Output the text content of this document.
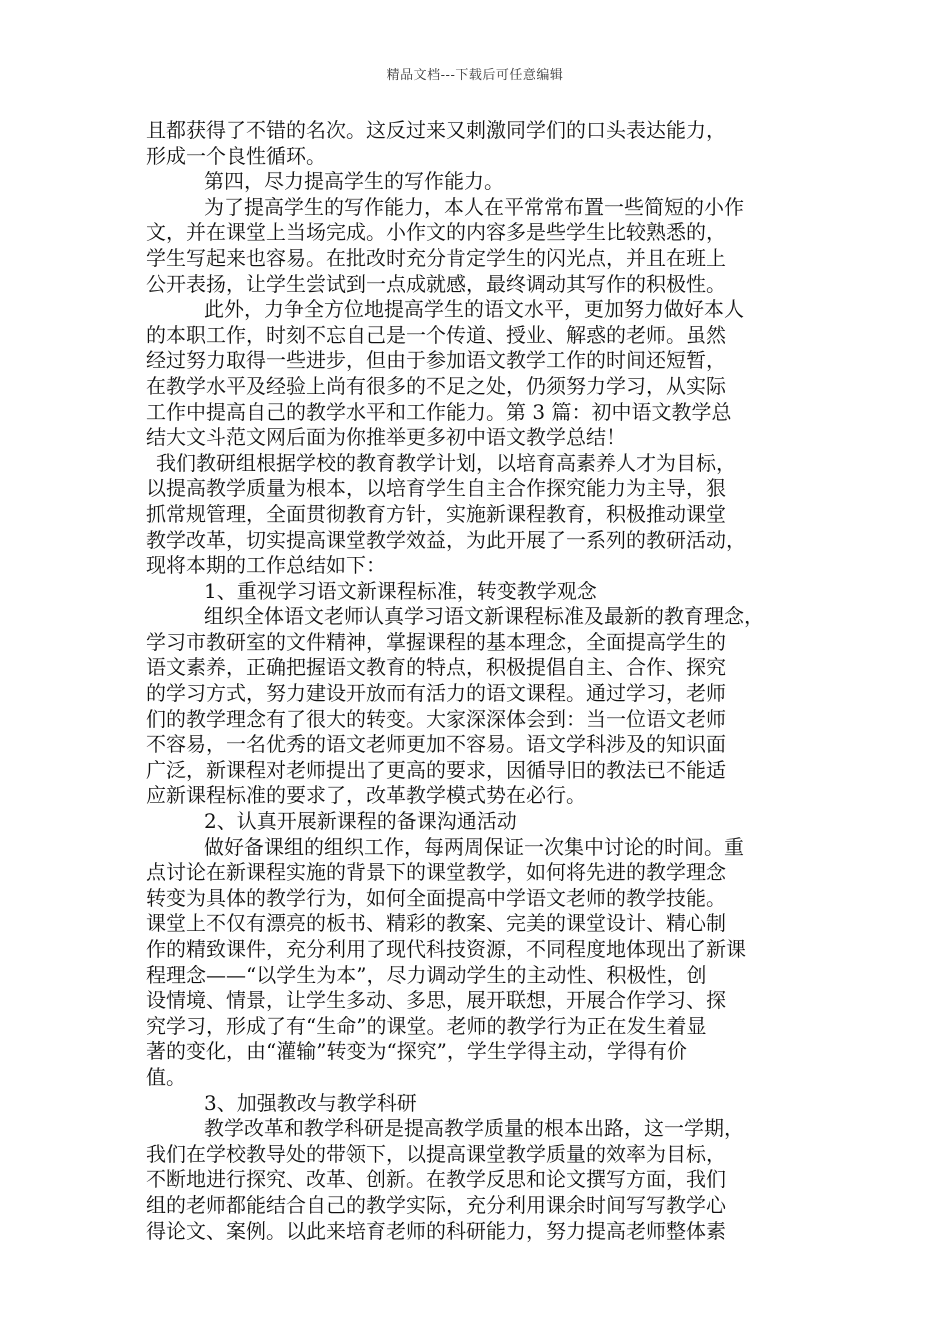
精品文档---下载后可任意编辑
且都获得了不错的名次。这反过来又刺激同学们的口头表达能力，
形成一个良性循环。
第四，尽力提高学生的写作能力。
为了提高学生的写作能力，本人在平常常布置一些简短的小作
文，并在课堂上当场完成。小作文的内容多是些学生比较熟悉的，
学生写起来也容易。在批改时充分肯定学生的闪光点，并且在班上
公开表扬，让学生尝试到一点成就感，最终调动其写作的积极性。
此外，力争全方位地提高学生的语文水平，更加努力做好本人
的本职工作，时刻不忘自己是一个传道、授业、解惑的老师。虽然
经过努力取得一些进步，但由于参加语文教学工作的时间还短暂，
在教学水平及经验上尚有很多的不足之处，仍须努力学习，从实际
工作中提高自己的教学水平和工作能力。第 3 篇：初中语文教学总
结大文斗范文网后面为你推举更多初中语文教学总结！
我们教研组根据学校的教育教学计划，以培育高素养人才为目标，
以提高教学质量为根本，以培育学生自主合作探究能力为主导，狠
抓常规管理，全面贯彻教育方针，实施新课程教育，积极推动课堂
教学改革，切实提高课堂教学效益，为此开展了一系列的教研活动，
现将本期的工作总结如下：
1、重视学习语文新课程标准，转变教学观念
组织全体语文老师认真学习语文新课程标准及最新的教育理念，
学习市教研室的文件精神，掌握课程的基本理念，全面提高学生的
语文素养，正确把握语文教育的特点，积极提倡自主、合作、探究
的学习方式，努力建设开放而有活力的语文课程。通过学习，老师
们的教学理念有了很大的转变。大家深深体会到：当一位语文老师
不容易，一名优秀的语文老师更加不容易。语文学科涉及的知识面
广泛，新课程对老师提出了更高的要求，因循导旧的教法已不能适
应新课程标准的要求了，改革教学模式势在必行。
2、认真开展新课程的备课沟通活动
做好备课组的组织工作，每两周保证一次集中讨论的时间。重
点讨论在新课程实施的背景下的课堂教学，如何将先进的教学理念
转变为具体的教学行为，如何全面提高中学语文老师的教学技能。
课堂上不仅有漂亮的板书、精彩的教案、完美的课堂设计、精心制
作的精致课件，充分利用了现代科技资源，不同程度地体现出了新课
程理念——“以学生为本”，尽力调动学生的主动性、积极性，创
设情境、情景，让学生多动、多思，展开联想，开展合作学习、探
究学习，形成了有“生命”的课堂。老师的教学行为正在发生着显
著的变化，由“灌输”转变为“探究”，学生学得主动，学得有价
值。
3、加强教改与教学科研
教学改革和教学科研是提高教学质量的根本出路，这一学期，
我们在学校教导处的带领下，以提高课堂教学质量的效率为目标，
不断地进行探究、改革、创新。在教学反思和论文撰写方面，我们
组的老师都能结合自己的教学实际，充分利用课余时间写写教学心
得论文、案例。以此来培育老师的科研能力，努力提高老师整体素
